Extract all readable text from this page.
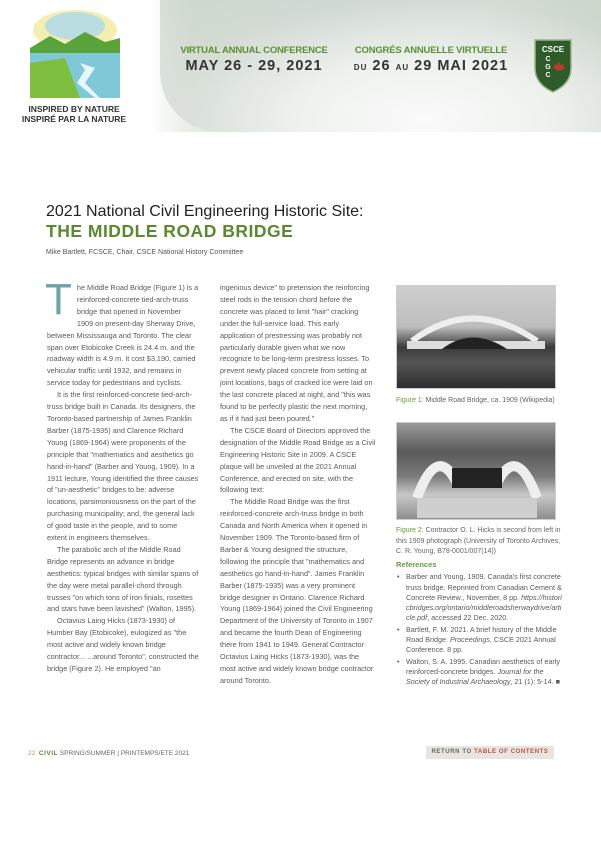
INSPIRED BY NATURE
INSPIRÉ PAR LA NATURE
VIRTUAL ANNUAL CONFERENCE
MAY 26 - 29, 2021
CONGRÉS ANNUELLE VIRTUELLE
DU 26 AU 29 MAI 2021
CSCE
C
G
C
2021 National Civil Engineering Historic Site:
THE MIDDLE ROAD BRIDGE
Mike Bartlett, FCSCE, Chair, CSCE National History Committee

The Middle Road Bridge (Figure 1) is a reinforced-concrete tied-arch-truss bridge that opened in November 1909 on present-day Sherway Drive, between Mississauga and Toronto. The clear span over Etobicoke Creek is 24.4 m. and the roadway width is 4.9 m. It cost $3,190, carried vehicular traffic until 1932, and remains in service today for pedestrians and cyclists.

It is the first reinforced-concrete tied-arch-truss bridge built in Canada. Its designers, the Toronto-based partnership of James Franklin Barber (1875-1935) and Clarence Richard Young (1869-1964) were proponents of the principle that "mathematics and aesthetics go hand-in-hand" (Barber and Young, 1909). In a 1911 lecture, Young identified the three causes of "un-aesthetic" bridges to be: adverse locations, parsimoniousness on the part of the purchasing municipality; and, the general lack of good taste in the people, and to some extent in engineers themselves.

The parabolic arch of the Middle Road Bridge represents an advance in bridge aesthetics: typical bridges with similar spans of the day were metal parallel-chord through trusses "on which tons of iron finials, rosettes and stars have been lavished" (Walton, 1995).

Octavius Laing Hicks (1873-1930) of Humber Bay (Etobicoke), eulogized as "the most active and widely known bridge contractor... ...around Toronto", constructed the bridge (Figure 2). He employed "an

ingenious device" to pretension the reinforcing steel rods in the tension chord before the concrete was placed to limit "hair" cracking under the full-service load. This early application of prestressing was probably not particularly durable given what we now recognize to be long-term prestress losses. To prevent newly placed concrete from setting at joint locations, bags of cracked ice were laid on the last concrete placed at night, and "this was found to be perfectly plastic the next morning, as if it had just been poured."

The CSCE Board of Directors approved the designation of the Middle Road Bridge as a Civil Engineering Historic Site in 2009. A CSCE plaque will be unveiled at the 2021 Annual Conference, and erected on site, with the following text:

The Middle Road Bridge was the first reinforced-concrete arch-truss bridge in both Canada and North America when it opened in November 1909. The Toronto-based firm of Barber & Young designed the structure, following the principle that "mathematics and aesthetics go hand-in-hand". James Franklin Barber (1875-1935) was a very prominent bridge designer in Ontario. Clarence Richard Young (1869-1964) joined the Civil Engineering Department of the University of Toronto in 1907 and became the fourth Dean of Engineering there from 1941 to 1949. General Contractor Octavius Laing Hicks (1873-1930), was the most active and widely known bridge contractor around Toronto.

Figure 1: Middle Road Bridge, ca. 1909 (Wikipedia)
Figure 2: Contractor O. L. Hicks is second from left in this 1909 photograph (University of Toronto Archives, C. R. Young, B78-0001/007(14))
References
• Barber and Young, 1909. Canada's first concrete truss bridge. Reprinted from Canadian Cement & Concrete Review., November, 8 pp. https://historicbridges.org/ontario/middleroadsherwaydrive/article.pdf, accessed 22 Dec. 2020.
• Bartlett, F. M. 2021. A brief history of the Middle Road Bridge. Proceedings, CSCE 2021 Annual Conference. 8 pp.
• Walton, S. A. 1995. Canadian aesthetics of early reinforced-concrete bridges. Journal for the Society of Industrial Archaeology, 21 (1): 5-14. ■
22 CIVIL SPRING/SUMMER | PRINTEMPS/ETE 2021	RETURN TO TABLE OF CONTENTS
